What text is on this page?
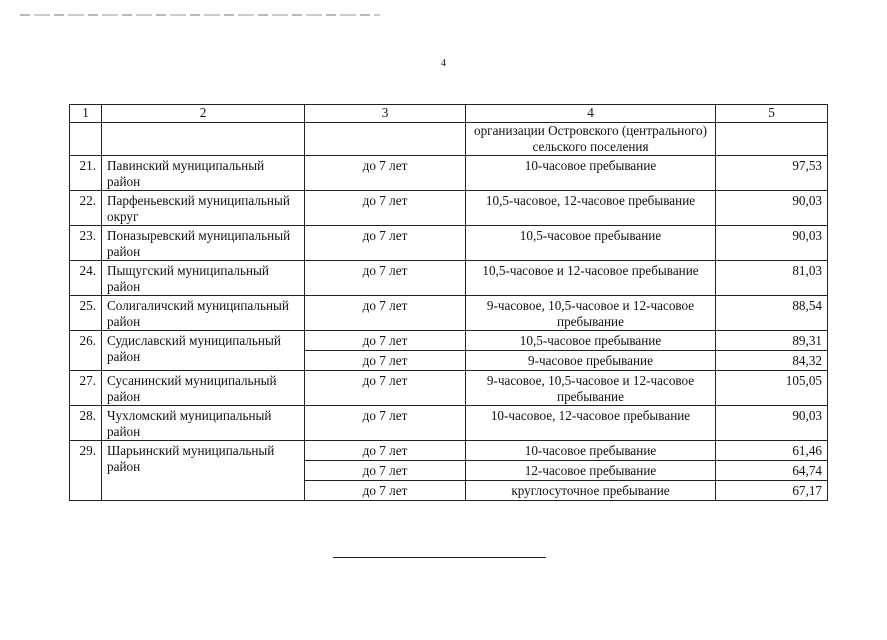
4
1	2	3	4	5
			организации Островского (центрального) сельского поселения	
21.	Павинский муниципальный район	до 7 лет	10-часовое пребывание	97,53
22.	Парфеньевский муниципальный округ	до 7 лет	10,5-часовое, 12-часовое пребывание	90,03
23.	Поназыревский муниципальный район	до 7 лет	10,5-часовое пребывание	90,03
24.	Пыщугский муниципальный район	до 7 лет	10,5-часовое и 12-часовое пребывание	81,03
25.	Солигаличский муниципальный район	до 7 лет	9-часовое, 10,5-часовое и 12-часовое пребывание	88,54
26.	Судиславский муниципальный район	до 7 лет	10,5-часовое пребывание	89,31
		до 7 лет	9-часовое пребывание	84,32
27.	Сусанинский муниципальный район	до 7 лет	9-часовое, 10,5-часовое и 12-часовое пребывание	105,05
28.	Чухломский муниципальный район	до 7 лет	10-часовое, 12-часовое пребывание	90,03
29.	Шарьинский муниципальный район	до 7 лет	10-часовое пребывание	61,46
		до 7 лет	12-часовое пребывание	64,74
		до 7 лет	круглосуточное пребывание	67,17
